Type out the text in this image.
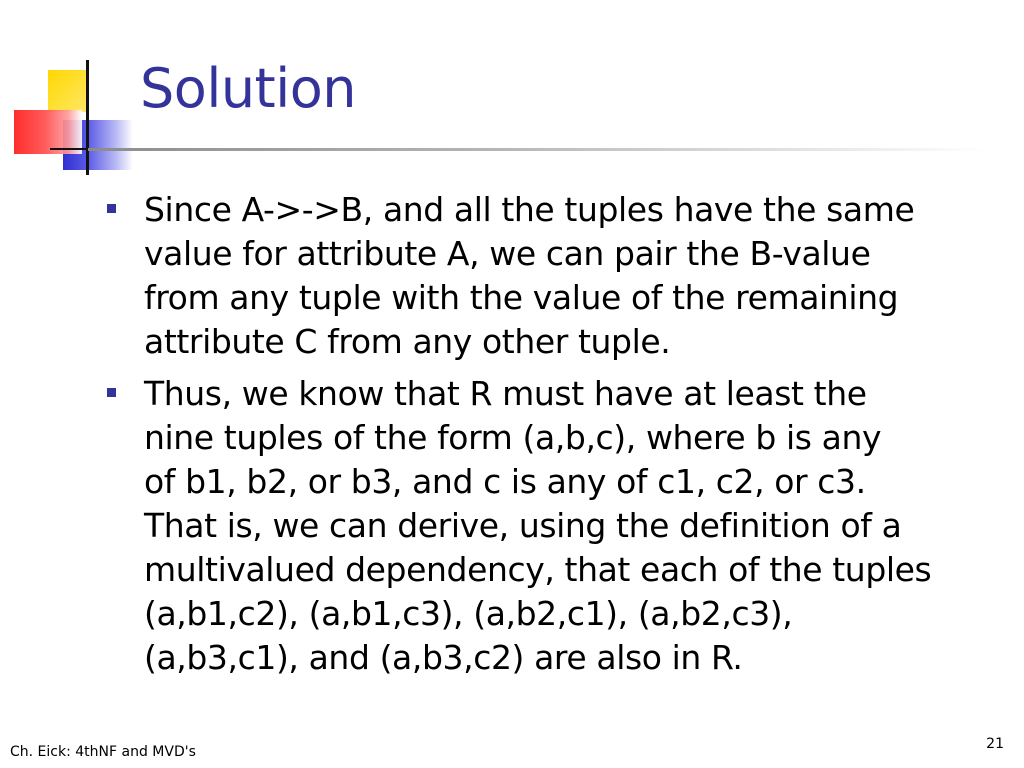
Solution
Since A->->B, and all the tuples have the same
value for attribute A, we can pair the B-value
from any tuple with the value of the remaining
attribute C from any other tuple.
Thus, we know that R must have at least the
nine tuples of the form (a,b,c), where b is any
of b1, b2, or b3, and c is any of c1, c2, or c3.
That is, we can derive, using the definition of a
multivalued dependency, that each of the tuples
(a,b1,c2), (a,b1,c3), (a,b2,c1), (a,b2,c3),
(a,b3,c1), and (a,b3,c2) are also in R.
Ch. Eick: 4thNF and MVD's	21
